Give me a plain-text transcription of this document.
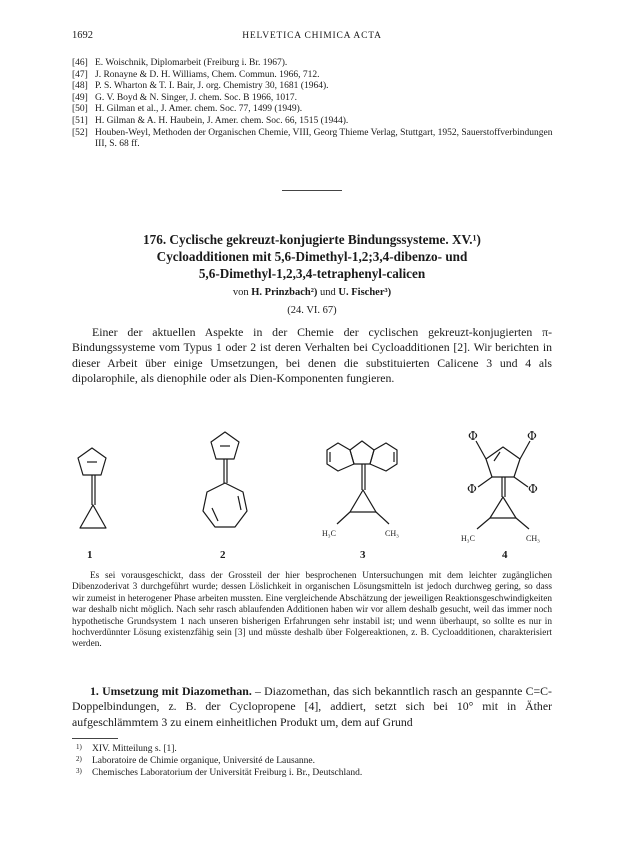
1692	HELVETICA CHIMICA ACTA
[46] E. Woischnik, Diplomarbeit (Freiburg i. Br. 1967).
[47] J. Ronayne & D. H. Williams, Chem. Commun. 1966, 712.
[48] P. S. Wharton & T. I. Bair, J. org. Chemistry 30, 1681 (1964).
[49] G. V. Boyd & N. Singer, J. chem. Soc. B 1966, 1017.
[50] H. Gilman et al., J. Amer. chem. Soc. 77, 1499 (1949).
[51] H. Gilman & A. H. Haubein, J. Amer. chem. Soc. 66, 1515 (1944).
[52] Houben-Weyl, Methoden der Organischen Chemie, VIII, Georg Thieme Verlag, Stuttgart, 1952, Sauerstoffverbindungen III, S. 68 ff.
176. Cyclische gekreuzt-konjugierte Bindungssysteme. XV.¹)
Cycloadditionen mit 5,6-Dimethyl-1,2;3,4-dibenzo- und
5,6-Dimethyl-1,2,3,4-tetraphenyl-calicen
von H. Prinzbach²) und U. Fischer³)
(24. VI. 67)
Einer der aktuellen Aspekte in der Chemie der cyclischen gekreuzt-konjugierten π-Bindungssysteme vom Typus 1 oder 2 ist deren Verhalten bei Cycloadditionen [2]. Wir berichten in dieser Arbeit über einige Umsetzungen, bei denen die substituierten Calicene 3 und 4 als dipolarophile, als dienophile oder als Dien-Komponenten fungieren.
1	2
H₃C	CH₃
3
Φ	Φ
Φ	Φ
H₃C	CH₃
4
Es sei vorausgeschickt, dass der Grossteil der hier besprochenen Untersuchungen mit dem leichter zugänglichen Dibenzoderivat 3 durchgeführt wurde; dessen Löslichkeit in organischen Lösungsmitteln ist jedoch durchweg gering, so dass wir zumeist in heterogener Phase arbeiten mussten. Eine vergleichende Abschätzung der jeweiligen Reaktionsgeschwindigkeiten war deshalb nicht möglich. Nach sehr rasch ablaufenden Additionen haben wir vor allem deshalb gesucht, weil das immer noch hypothetische Grundsystem 1 nach unseren bisherigen Erfahrungen sehr instabil ist; und wenn überhaupt, so sollte es nur in hochverdünnter Lösung existenzfähig sein [3] und müsste deshalb über Folgereaktionen, z. B. Cycloadditionen, charakterisiert werden.
1. Umsetzung mit Diazomethan. – Diazomethan, das sich bekanntlich rasch an gespannte C=C-Doppelbindungen, z. B. der Cyclopropene [4], addiert, setzt sich bei 10° mit in Äther aufgeschlämmtem 3 zu einem einheitlichen Produkt um, dem auf Grund
1) XIV. Mitteilung s. [1].
2) Laboratoire de Chimie organique, Université de Lausanne.
3) Chemisches Laboratorium der Universität Freiburg i. Br., Deutschland.
